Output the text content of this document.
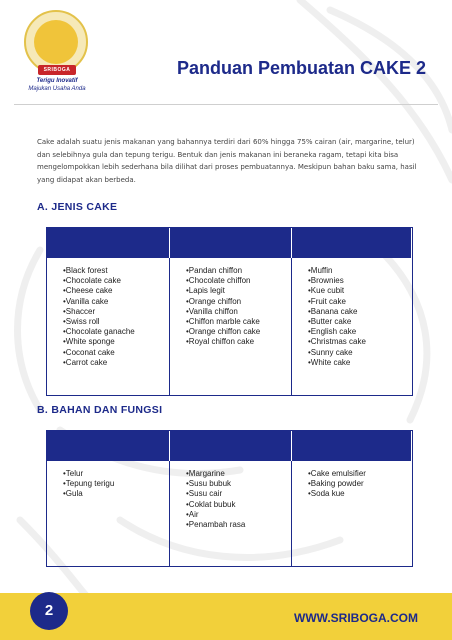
SRIBOGA
Terigu Inovatif
Majukan Usaha Anda
Panduan Pembuatan CAKE 2
Cake adalah suatu jenis makanan yang bahannya terdiri dari 60% hingga 75% cairan (air, margarine, telur) dan selebihnya gula dan tepung terigu. Bentuk dan jenis makanan ini beraneka ragam, tetapi kita bisa mengelompokkan lebih sederhana bila dilihat dari proses pembuatannya. Meskipun bahan baku sama, hasil yang didapat akan berbeda.
A. JENIS CAKE
•Black forest
•Chocolate cake
•Cheese cake
•Vanilla cake
•Shaccer
•Swiss roll
•Chocolate ganache
•White sponge
•Coconat cake
•Carrot cake
•Pandan chiffon
•Chocolate chiffon
•Lapis legit
•Orange chiffon
•Vanilla chiffon
•Chiffon marble cake
•Orange chiffon cake
•Royal chiffon cake
•Muffin
•Brownies
•Kue cubit
•Fruit cake
•Banana cake
•Butter cake
•English cake
•Christmas cake
•Sunny cake
•White cake
B. BAHAN DAN FUNGSI
•Telur
•Tepung terigu
•Gula
•Margarine
•Susu bubuk
•Susu cair
•Coklat bubuk
•Air
•Penambah rasa
•Cake emulsifier
•Baking powder
•Soda kue
2	WWW.SRIBOGA.COM
